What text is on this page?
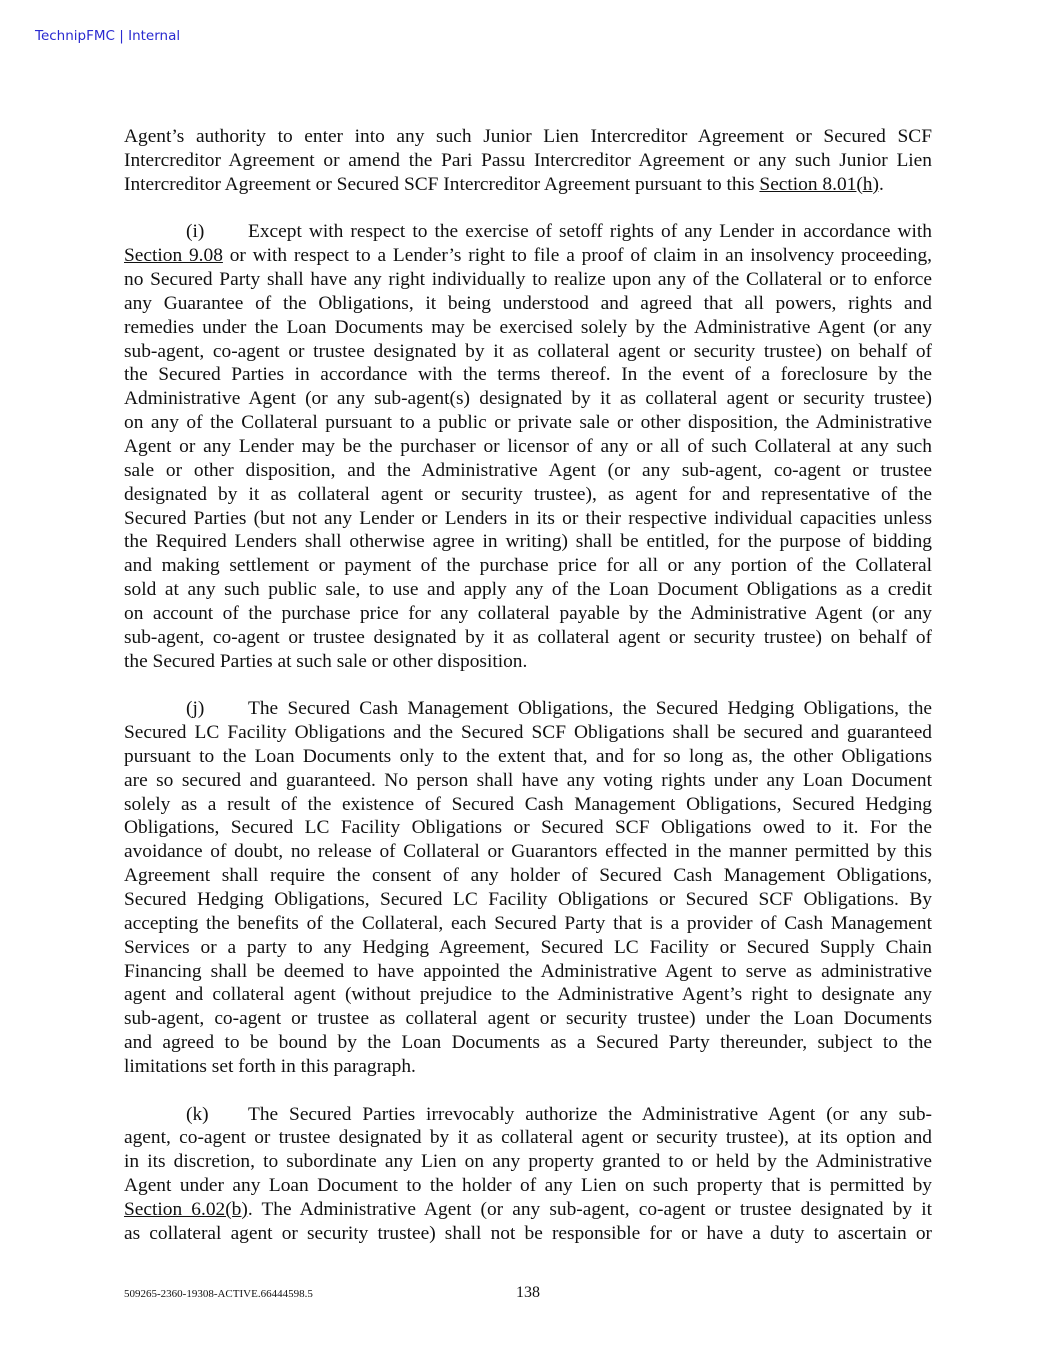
TechnipFMC | Internal
Agent’s authority to enter into any such Junior Lien Intercreditor Agreement or Secured SCF
Intercreditor Agreement or amend the Pari Passu Intercreditor Agreement or any such Junior Lien
Intercreditor Agreement or Secured SCF Intercreditor Agreement pursuant to this Section 8.01(h).
(i) Except with respect to the exercise of setoff rights of any Lender in accordance with
Section 9.08 or with respect to a Lender’s right to file a proof of claim in an insolvency proceeding,
no Secured Party shall have any right individually to realize upon any of the Collateral or to enforce
any Guarantee of the Obligations, it being understood and agreed that all powers, rights and
remedies under the Loan Documents may be exercised solely by the Administrative Agent (or any
sub-agent, co-agent or trustee designated by it as collateral agent or security trustee) on behalf of
the Secured Parties in accordance with the terms thereof. In the event of a foreclosure by the
Administrative Agent (or any sub-agent(s) designated by it as collateral agent or security trustee)
on any of the Collateral pursuant to a public or private sale or other disposition, the Administrative
Agent or any Lender may be the purchaser or licensor of any or all of such Collateral at any such
sale or other disposition, and the Administrative Agent (or any sub-agent, co-agent or trustee
designated by it as collateral agent or security trustee), as agent for and representative of the
Secured Parties (but not any Lender or Lenders in its or their respective individual capacities unless
the Required Lenders shall otherwise agree in writing) shall be entitled, for the purpose of bidding
and making settlement or payment of the purchase price for all or any portion of the Collateral
sold at any such public sale, to use and apply any of the Loan Document Obligations as a credit
on account of the purchase price for any collateral payable by the Administrative Agent (or any
sub-agent, co-agent or trustee designated by it as collateral agent or security trustee) on behalf of
the Secured Parties at such sale or other disposition.
(j) The Secured Cash Management Obligations, the Secured Hedging Obligations, the
Secured LC Facility Obligations and the Secured SCF Obligations shall be secured and guaranteed
pursuant to the Loan Documents only to the extent that, and for so long as, the other Obligations
are so secured and guaranteed. No person shall have any voting rights under any Loan Document
solely as a result of the existence of Secured Cash Management Obligations, Secured Hedging
Obligations, Secured LC Facility Obligations or Secured SCF Obligations owed to it. For the
avoidance of doubt, no release of Collateral or Guarantors effected in the manner permitted by this
Agreement shall require the consent of any holder of Secured Cash Management Obligations,
Secured Hedging Obligations, Secured LC Facility Obligations or Secured SCF Obligations. By
accepting the benefits of the Collateral, each Secured Party that is a provider of Cash Management
Services or a party to any Hedging Agreement, Secured LC Facility or Secured Supply Chain
Financing shall be deemed to have appointed the Administrative Agent to serve as administrative
agent and collateral agent (without prejudice to the Administrative Agent’s right to designate any
sub-agent, co-agent or trustee as collateral agent or security trustee) under the Loan Documents
and agreed to be bound by the Loan Documents as a Secured Party thereunder, subject to the
limitations set forth in this paragraph.
(k) The Secured Parties irrevocably authorize the Administrative Agent (or any sub-
agent, co-agent or trustee designated by it as collateral agent or security trustee), at its option and
in its discretion, to subordinate any Lien on any property granted to or held by the Administrative
Agent under any Loan Document to the holder of any Lien on such property that is permitted by
Section 6.02(b). The Administrative Agent (or any sub-agent, co-agent or trustee designated by it
as collateral agent or security trustee) shall not be responsible for or have a duty to ascertain or
509265-2360-19308-ACTIVE.66444598.5	138
